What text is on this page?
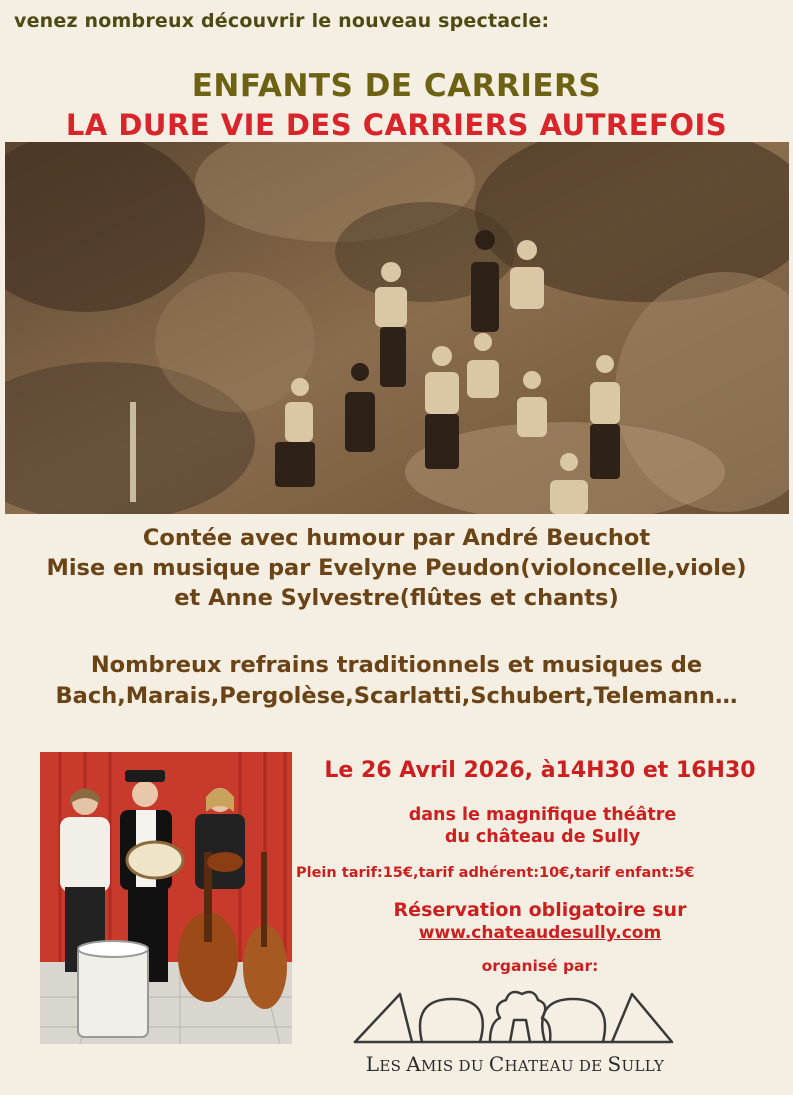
venez nombreux découvrir le nouveau spectacle:
ENFANTS DE CARRIERS
LA DURE VIE DES CARRIERS AUTREFOIS
Contée avec humour par André Beuchot
Mise en musique par Evelyne Peudon(violoncelle,viole)
et Anne Sylvestre(flûtes et chants)
Nombreux refrains traditionnels et musiques de
Bach,Marais,Pergolèse,Scarlatti,Schubert,Telemann…
Le 26 Avril 2026, à14H30 et 16H30
dans le magnifique théâtre
du château de Sully
Plein tarif:15€,tarif adhérent:10€,tarif enfant:5€
Réservation obligatoire sur
www.chateaudesully.com
organisé par:
LES AMIS DU CHATEAU DE SULLY
